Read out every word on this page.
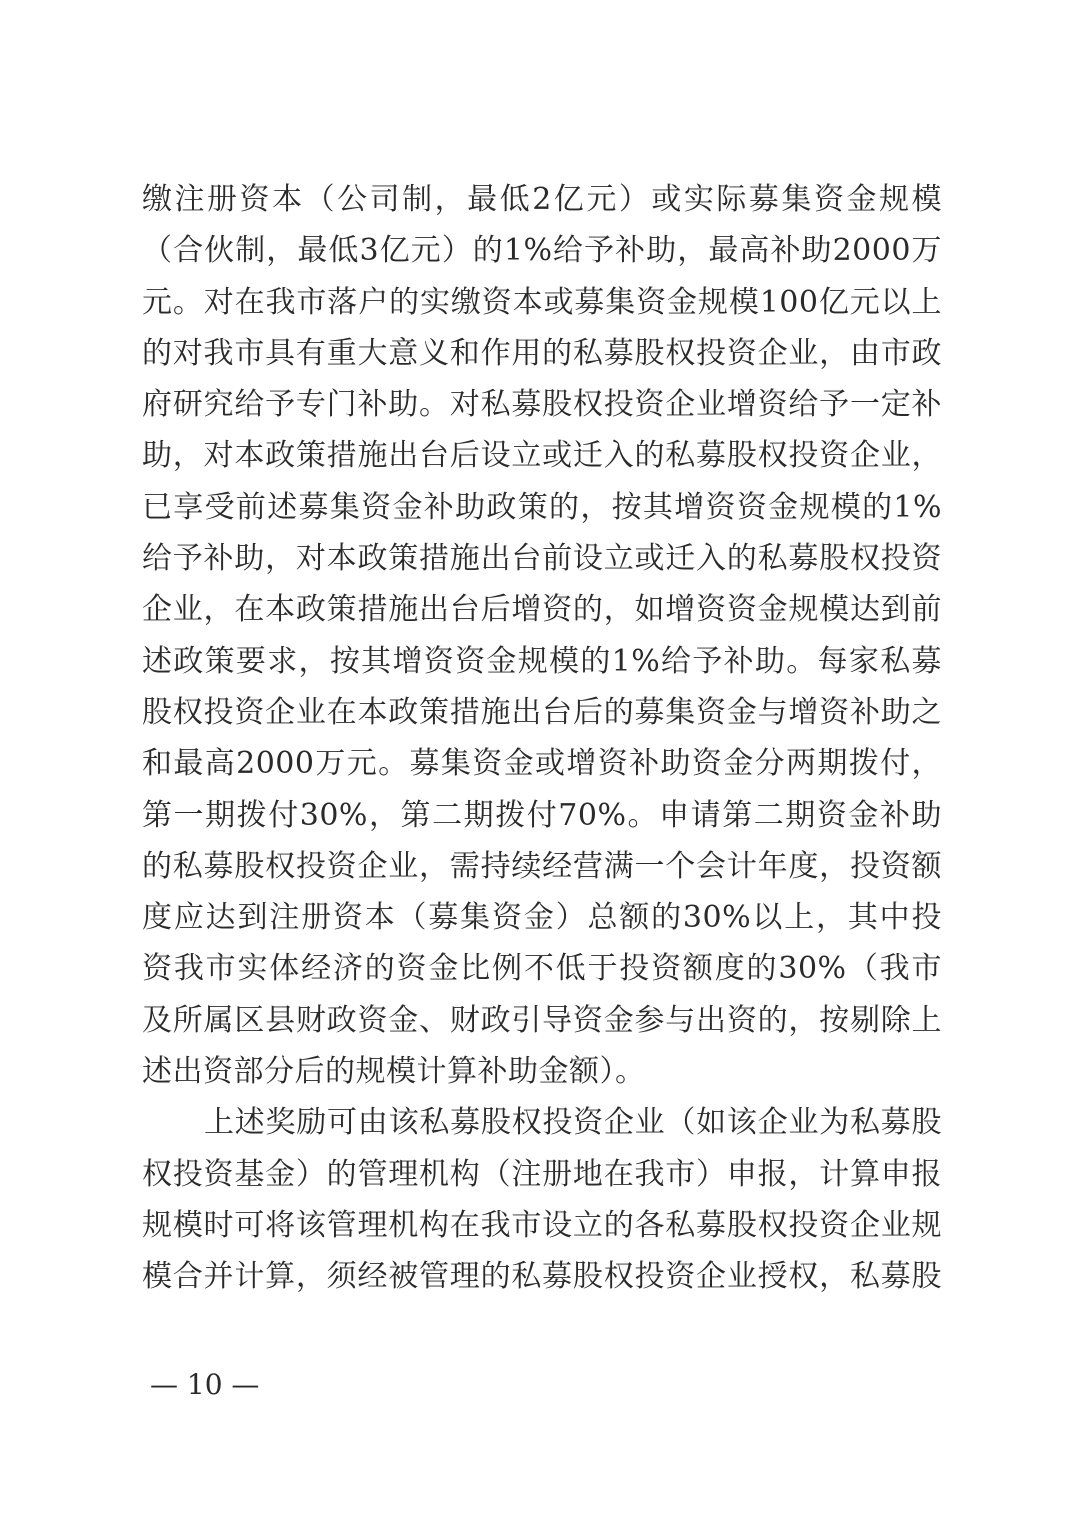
缴注册资本（公司制，最低2亿元）或实际募集资金规模
（合伙制，最低3亿元）的1%给予补助，最高补助2000万
元。对在我市落户的实缴资本或募集资金规模100亿元以上
的对我市具有重大意义和作用的私募股权投资企业，由市政
府研究给予专门补助。对私募股权投资企业增资给予一定补
助，对本政策措施出台后设立或迁入的私募股权投资企业，
已享受前述募集资金补助政策的，按其增资资金规模的1%
给予补助，对本政策措施出台前设立或迁入的私募股权投资
企业，在本政策措施出台后增资的，如增资资金规模达到前
述政策要求，按其增资资金规模的1%给予补助。每家私募
股权投资企业在本政策措施出台后的募集资金与增资补助之
和最高2000万元。募集资金或增资补助资金分两期拨付，
第一期拨付30%，第二期拨付70%。申请第二期资金补助
的私募股权投资企业，需持续经营满一个会计年度，投资额
度应达到注册资本（募集资金）总额的30%以上，其中投
资我市实体经济的资金比例不低于投资额度的30%（我市
及所属区县财政资金、财政引导资金参与出资的，按剔除上
述出资部分后的规模计算补助金额）。
上述奖励可由该私募股权投资企业（如该企业为私募股
权投资基金）的管理机构（注册地在我市）申报，计算申报
规模时可将该管理机构在我市设立的各私募股权投资企业规
模合并计算，须经被管理的私募股权投资企业授权，私募股
— 10 —
